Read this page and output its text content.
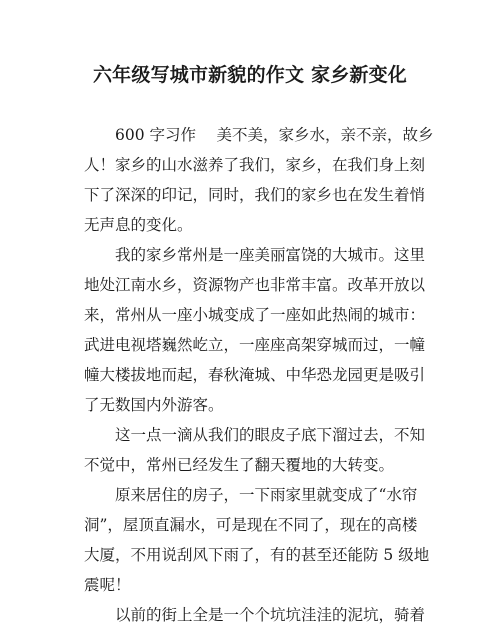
六年级写城市新貌的作文 家乡新变化
　　600 字习作　 美不美，家乡水，亲不亲，故乡
人！家乡的山水滋养了我们，家乡，在我们身上刻
下了深深的印记，同时，我们的家乡也在发生着悄
无声息的变化。
　　我的家乡常州是一座美丽富饶的大城市。这里
地处江南水乡，资源物产也非常丰富。改革开放以
来，常州从一座小城变成了一座如此热闹的城市：
武进电视塔巍然屹立，一座座高架穿城而过，一幢
幢大楼拔地而起，春秋淹城、中华恐龙园更是吸引
了无数国内外游客。
　　这一点一滴从我们的眼皮子底下溜过去，不知
不觉中，常州已经发生了翻天覆地的大转变。
　　原来居住的房子，一下雨家里就变成了“水帘
洞”，屋顶直漏水，可是现在不同了，现在的高楼
大厦，不用说刮风下雨了，有的甚至还能防 5 级地
震呢！
　　以前的街上全是一个个坑坑洼洼的泥坑，骑着
